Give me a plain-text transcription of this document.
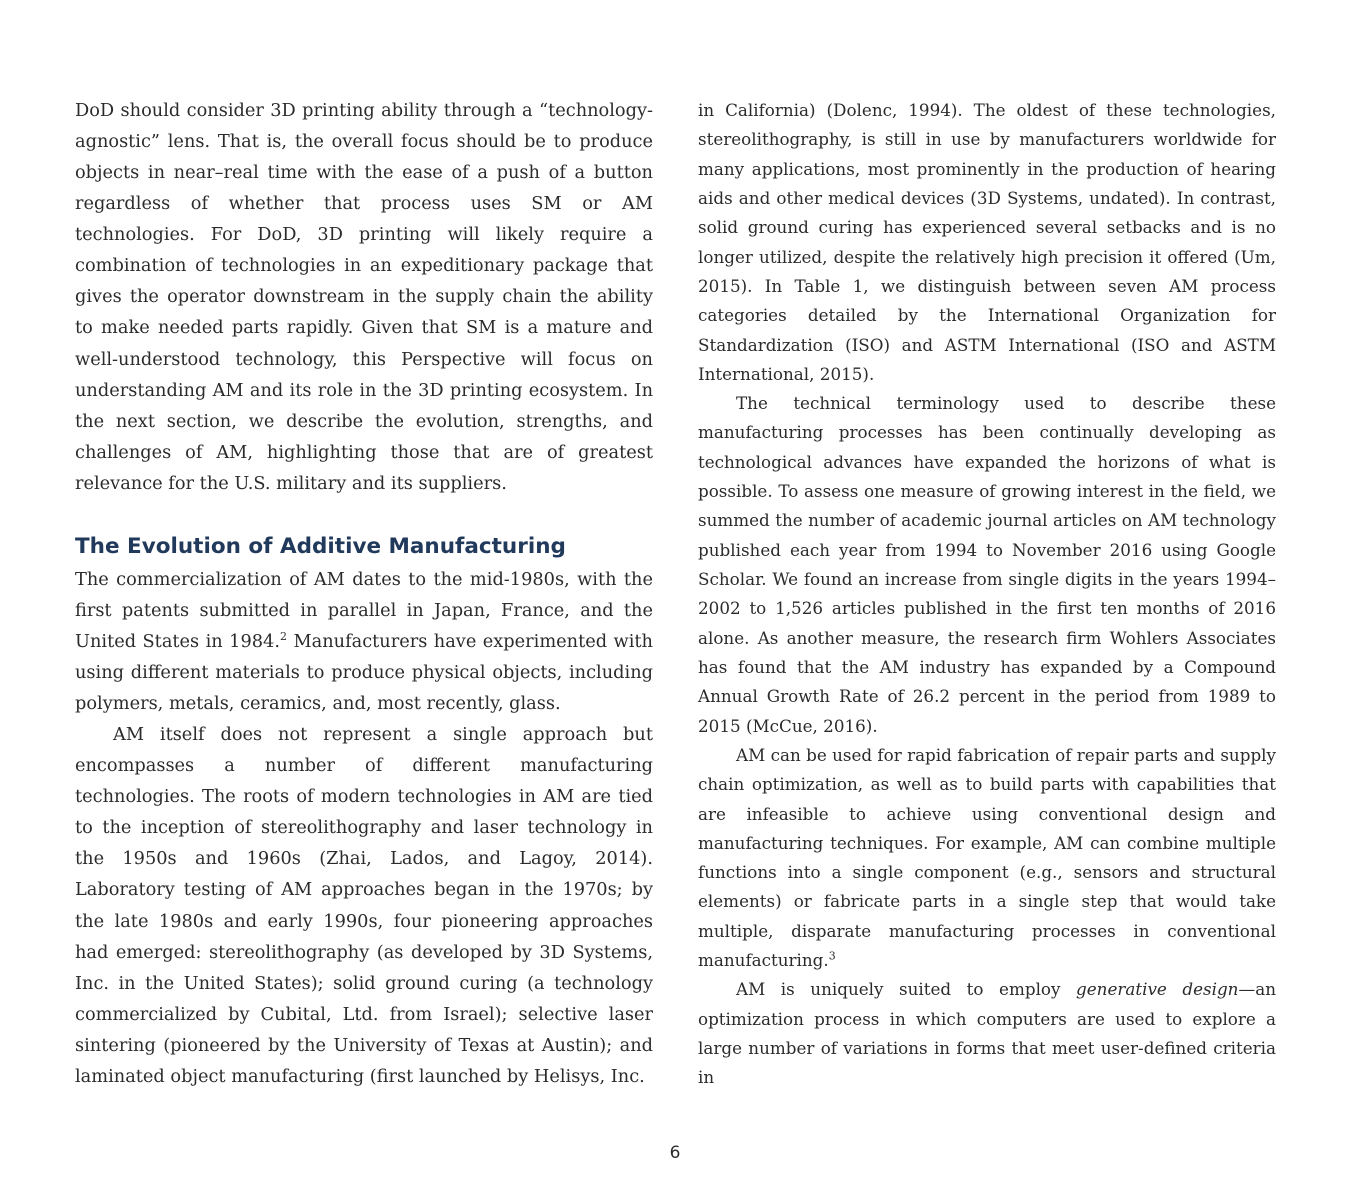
DoD should consider 3D printing ability through a “technology-agnostic” lens. That is, the overall focus should be to produce objects in near–real time with the ease of a push of a button regardless of whether that process uses SM or AM technologies. For DoD, 3D printing will likely require a combination of technologies in an expeditionary package that gives the operator downstream in the supply chain the ability to make needed parts rapidly. Given that SM is a mature and well-understood technology, this Perspective will focus on understanding AM and its role in the 3D printing ecosystem. In the next section, we describe the evolution, strengths, and challenges of AM, highlighting those that are of greatest relevance for the U.S. military and its suppliers.

The Evolution of Additive Manufacturing

The commercialization of AM dates to the mid-1980s, with the first patents submitted in parallel in Japan, France, and the United States in 1984.$^2$ Manufacturers have experimented with using different materials to produce physical objects, including polymers, metals, ceramics, and, most recently, glass.

AM itself does not represent a single approach but encompasses a number of different manufacturing technologies. The roots of modern technologies in AM are tied to the inception of stereolithography and laser technology in the 1950s and 1960s (Zhai, Lados, and Lagoy, 2014). Laboratory testing of AM approaches began in the 1970s; by the late 1980s and early 1990s, four pioneering approaches had emerged: stereolithography (as developed by 3D Systems, Inc. in the United States); solid ground curing (a technology commercialized by Cubital, Ltd. from Israel); selective laser sintering (pioneered by the University of Texas at Austin); and laminated object manufacturing (first launched by Helisys, Inc.

in California) (Dolenc, 1994). The oldest of these technologies, stereolithography, is still in use by manufacturers worldwide for many applications, most prominently in the production of hearing aids and other medical devices (3D Systems, undated). In contrast, solid ground curing has experienced several setbacks and is no longer utilized, despite the relatively high precision it offered (Um, 2015). In Table 1, we distinguish between seven AM process categories detailed by the International Organization for Standardization (ISO) and ASTM International (ISO and ASTM International, 2015).

The technical terminology used to describe these manufacturing processes has been continually developing as technological advances have expanded the horizons of what is possible. To assess one measure of growing interest in the field, we summed the number of academic journal articles on AM technology published each year from 1994 to November 2016 using Google Scholar. We found an increase from single digits in the years 1994–2002 to 1,526 articles published in the first ten months of 2016 alone. As another measure, the research firm Wohlers Associates has found that the AM industry has expanded by a Compound Annual Growth Rate of 26.2 percent in the period from 1989 to 2015 (McCue, 2016).

AM can be used for rapid fabrication of repair parts and supply chain optimization, as well as to build parts with capabilities that are infeasible to achieve using conventional design and manufacturing techniques. For example, AM can combine multiple functions into a single component (e.g., sensors and structural elements) or fabricate parts in a single step that would take multiple, disparate manufacturing processes in conventional manufacturing.$^3$

AM is uniquely suited to employ generative design—an optimization process in which computers are used to explore a large number of variations in forms that meet user-defined criteria in

6
